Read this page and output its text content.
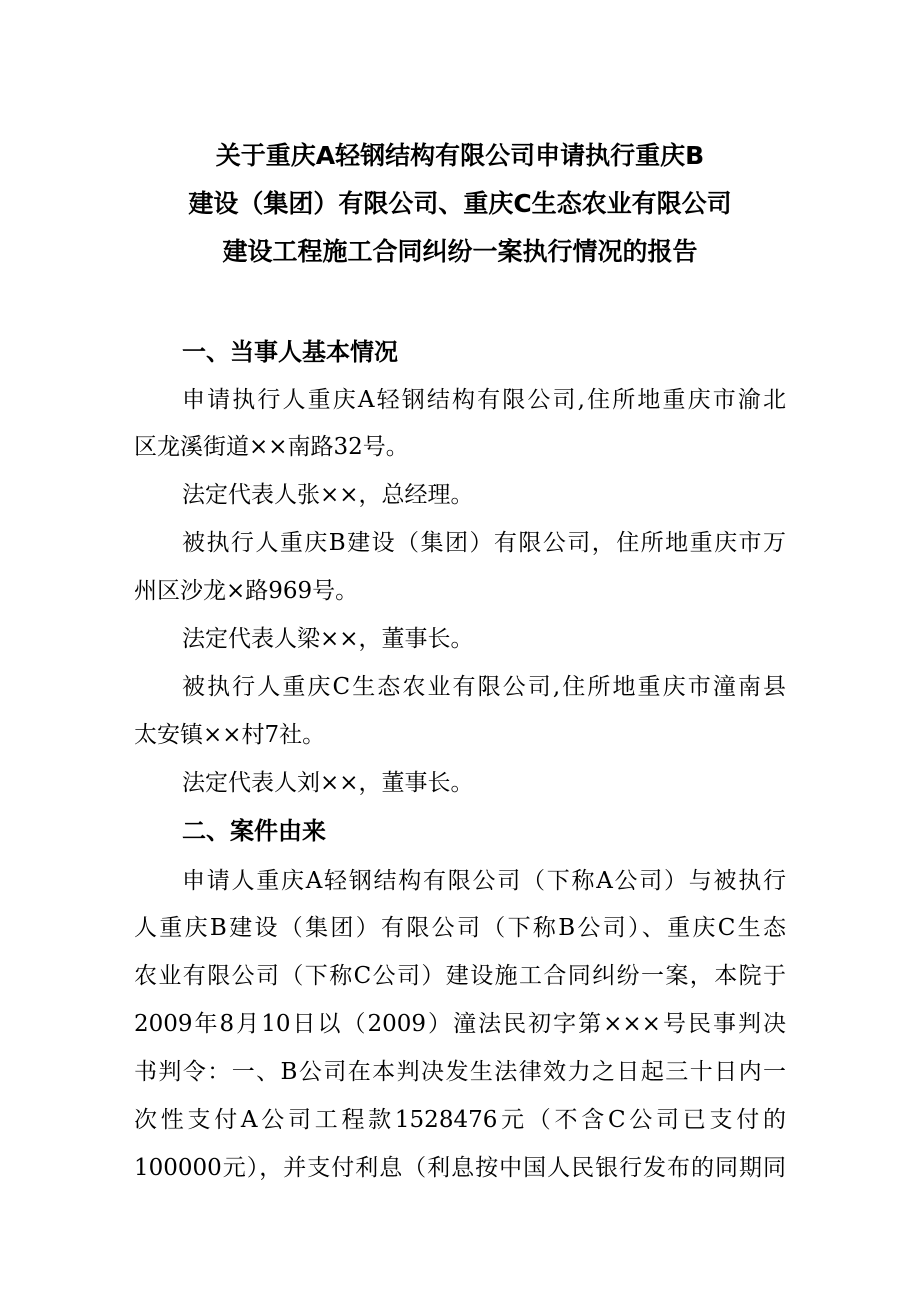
关于重庆A轻钢结构有限公司申请执行重庆B
建设（集团）有限公司、重庆C生态农业有限公司
建设工程施工合同纠纷一案执行情况的报告
一、当事人基本情况
申请执行人重庆A轻钢结构有限公司,住所地重庆市渝北
区龙溪街道××南路32号。
法定代表人张××，总经理。
被执行人重庆B建设（集团）有限公司，住所地重庆市万
州区沙龙×路969号。
法定代表人梁××，董事长。
被执行人重庆C生态农业有限公司,住所地重庆市潼南县
太安镇××村7社。
法定代表人刘××，董事长。
二、案件由来
申请人重庆A轻钢结构有限公司（下称A公司）与被执行
人重庆B建设（集团）有限公司（下称B公司）、重庆C生态
农业有限公司（下称C公司）建设施工合同纠纷一案，本院于
2009年8月10日以（2009）潼法民初字第×××号民事判决
书判令：一、B公司在本判决发生法律效力之日起三十日内一
次性支付A公司工程款1528476元（不含C公司已支付的
100000元），并支付利息（利息按中国人民银行发布的同期同
